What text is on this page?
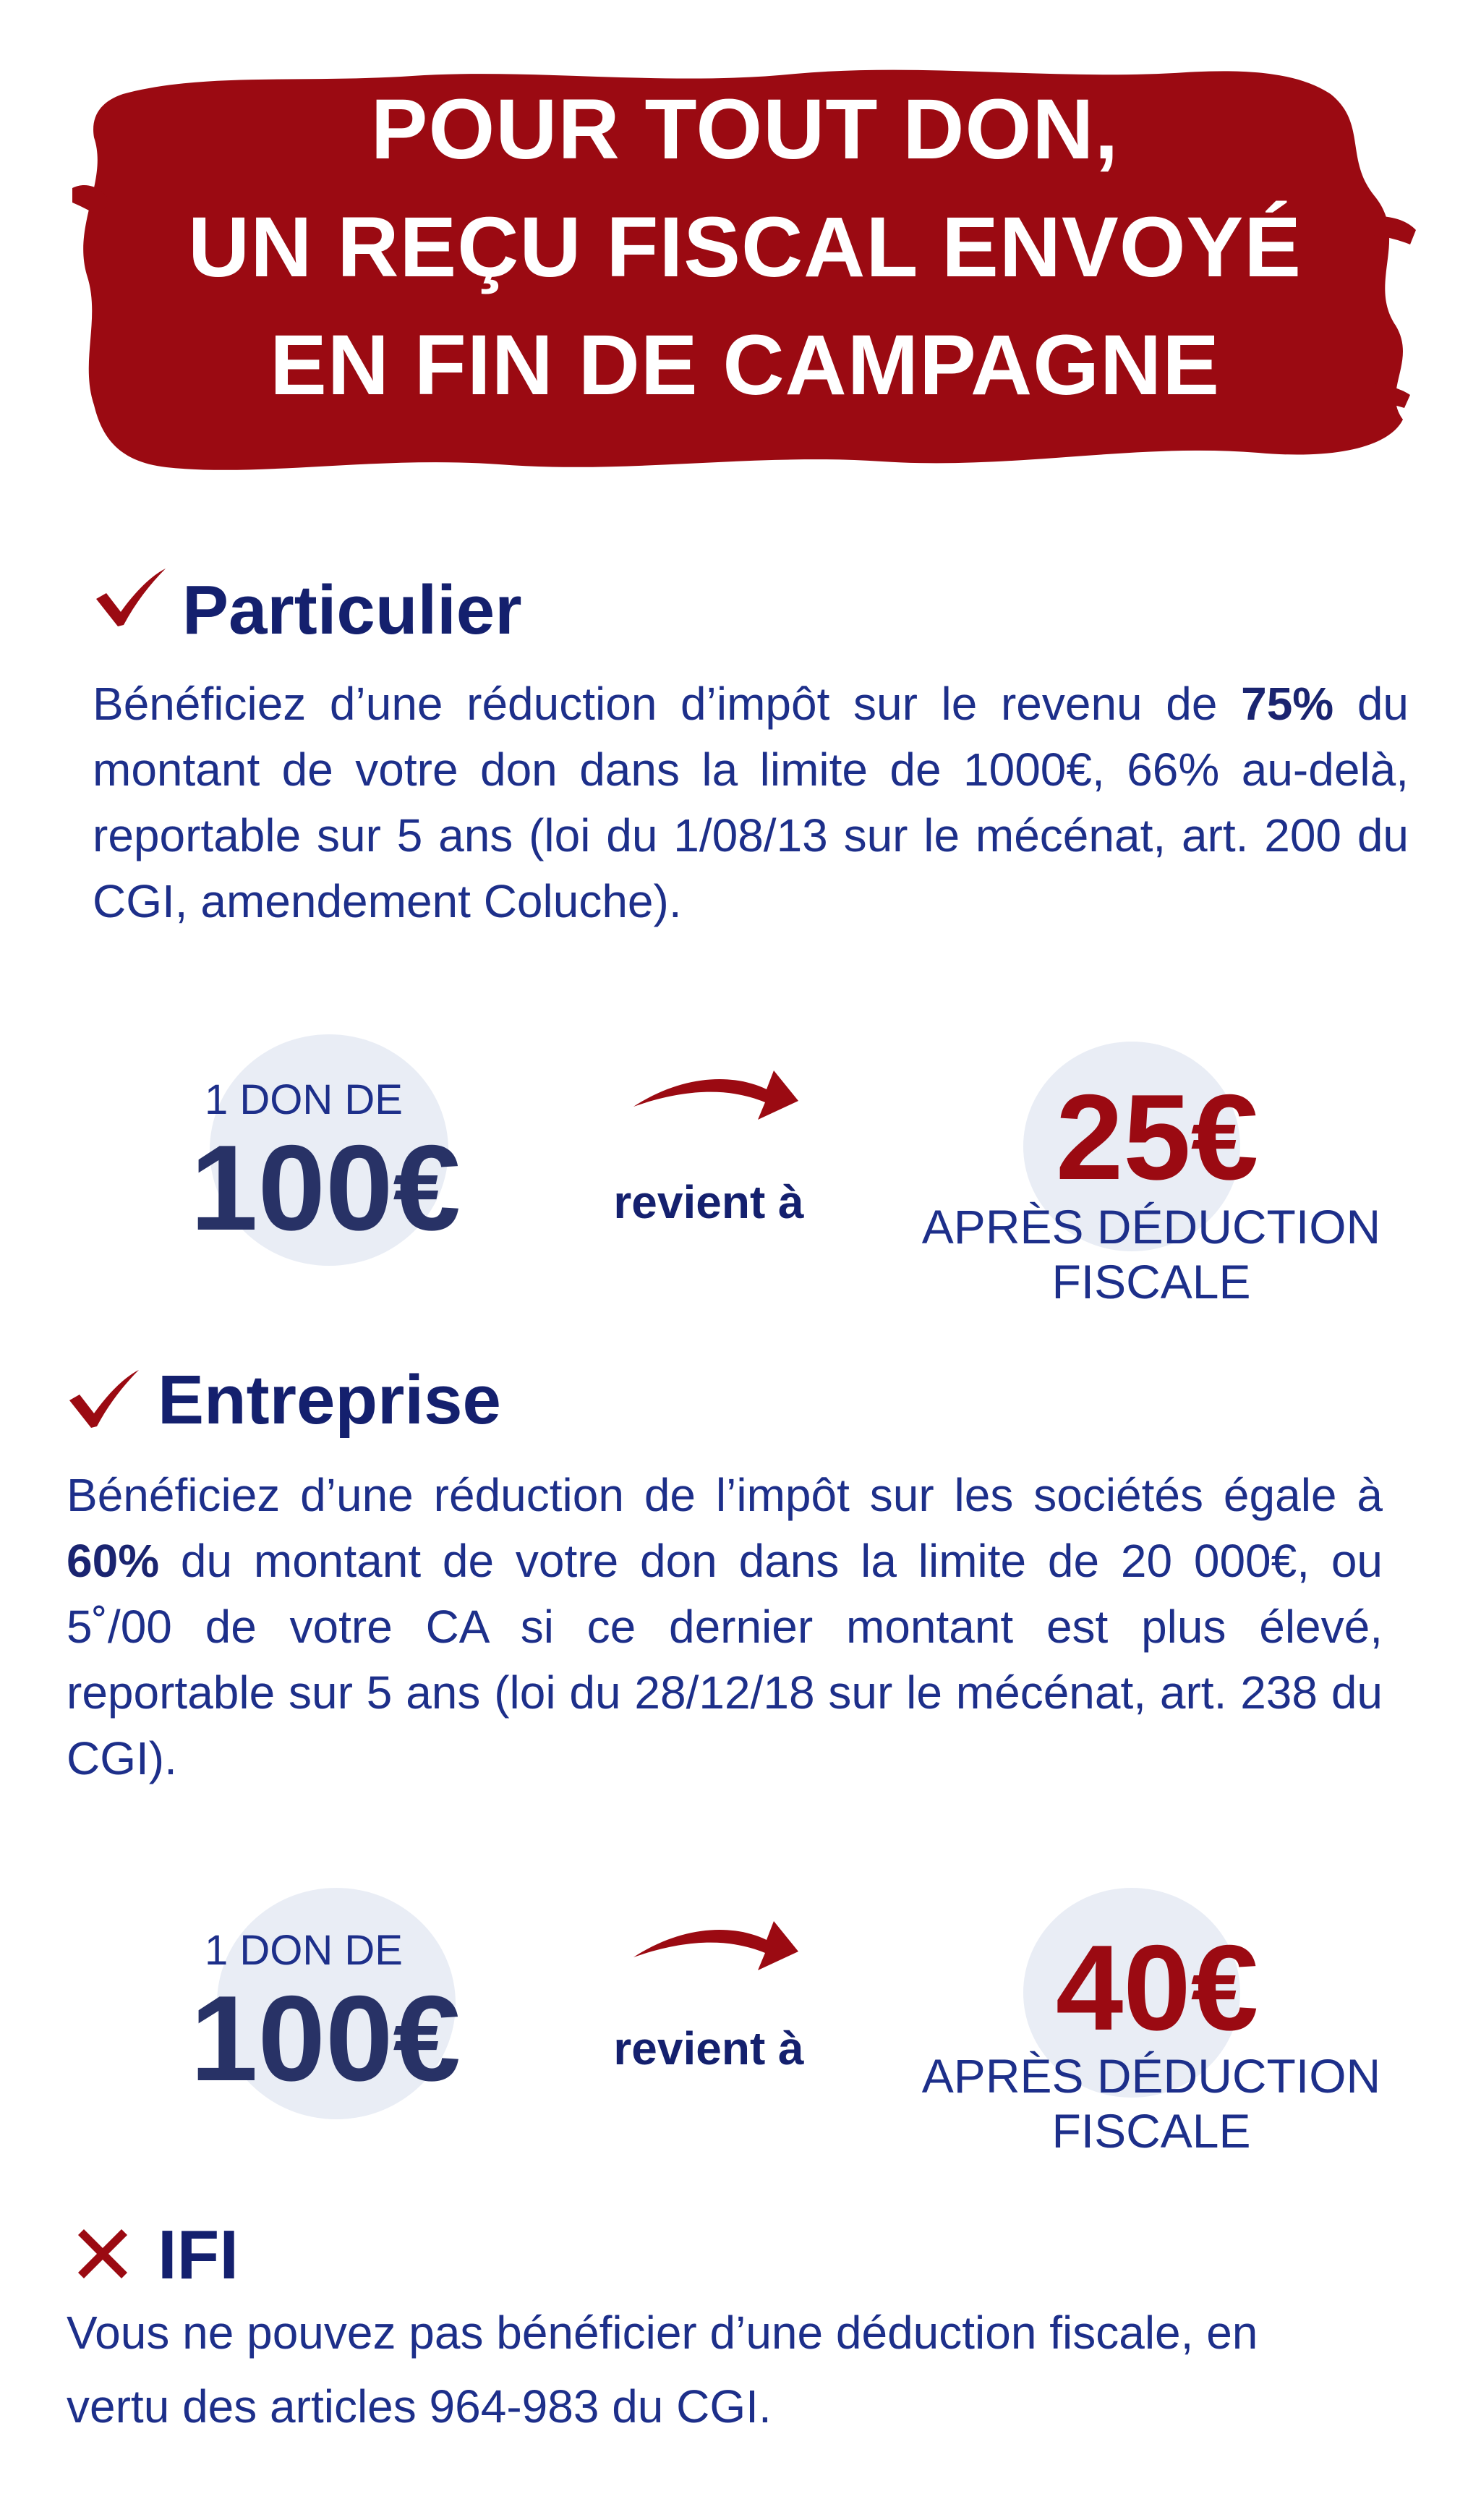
POUR TOUT DON,
UN REÇU FISCAL ENVOYÉ
EN FIN DE CAMPAGNE
Particulier
Bénéficiez d’une réduction d’impôt sur le revenu de 75% du montant de votre don dans la limite de 1000€, 66% au-delà, reportable sur 5 ans (loi du 1/08/13 sur le mécénat, art. 200 du CGI, amendement Coluche).
1 DON DE
100€	revient à	25€
APRÈS DÉDUCTION FISCALE
Entreprise
Bénéficiez d’une réduction de l’impôt sur les sociétés égale à 60% du montant de votre don dans la limite de 20 000€, ou 5˚/00 de votre CA si ce dernier montant est plus élevé, reportable sur 5 ans (loi du 28/12/18 sur le mécénat, art. 238 du CGI).
1 DON DE
100€	revient à	40€
APRÈS DÉDUCTION FISCALE
IFI
Vous ne pouvez pas bénéficier d’une déduction fiscale, en vertu des articles 964-983 du CGI.
